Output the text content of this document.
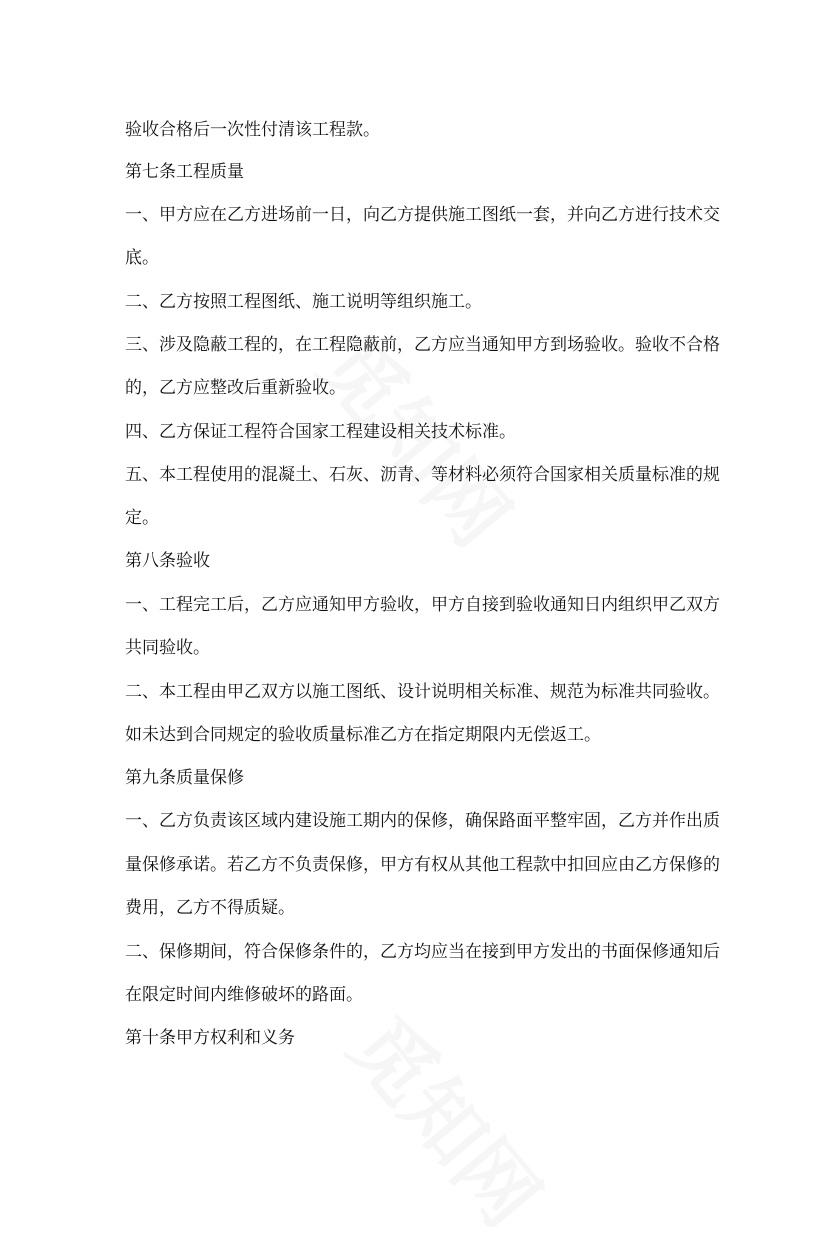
验收合格后一次性付清该工程款。
第七条工程质量
一、甲方应在乙方进场前一日，向乙方提供施工图纸一套，并向乙方进行技术交
底。
二、乙方按照工程图纸、施工说明等组织施工。
三、涉及隐蔽工程的，在工程隐蔽前，乙方应当通知甲方到场验收。验收不合格
的，乙方应整改后重新验收。
四、乙方保证工程符合国家工程建设相关技术标准。
五、本工程使用的混凝土、石灰、沥青、等材料必须符合国家相关质量标准的规
定。
第八条验收
一、工程完工后，乙方应通知甲方验收，甲方自接到验收通知日内组织甲乙双方
共同验收。
二、本工程由甲乙双方以施工图纸、设计说明相关标准、规范为标准共同验收。
如未达到合同规定的验收质量标准乙方在指定期限内无偿返工。
第九条质量保修
一、乙方负责该区域内建设施工期内的保修，确保路面平整牢固，乙方并作出质
量保修承诺。若乙方不负责保修，甲方有权从其他工程款中扣回应由乙方保修的
费用，乙方不得质疑。
二、保修期间，符合保修条件的，乙方均应当在接到甲方发出的书面保修通知后
在限定时间内维修破坏的路面。
第十条甲方权利和义务
